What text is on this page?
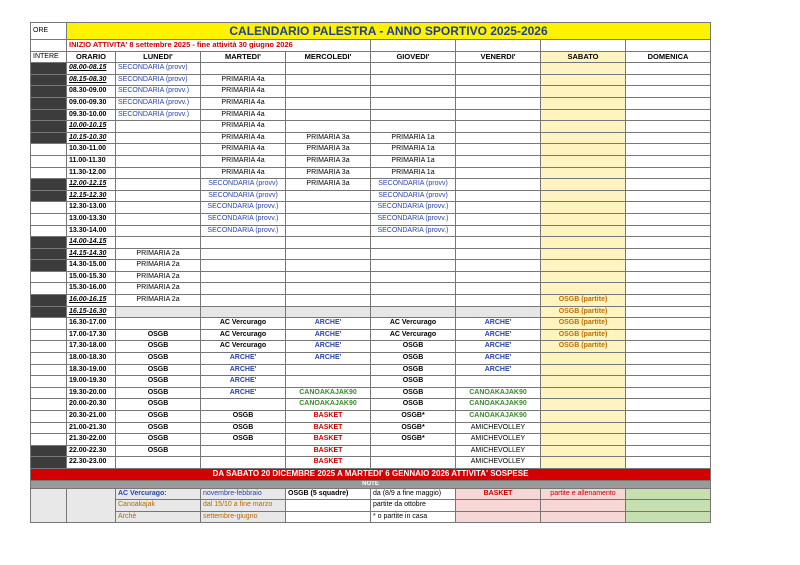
ORE	CALENDARIO PALESTRA - ANNO SPORTIVO 2025-2026							
	INIZIO ATTIVITA' 8 settembre 2025 - fine attività 30 giugno 2026							
INTERE	ORARIO	LUNEDI'	MARTEDI'	MERCOLEDI'	GIOVEDI'	VENERDI'	SABATO	DOMENICA
	08.00-08.15	SECONDARIA (provv)						
	08.15-08.30	SECONDARIA (provv)	PRIMARIA 4a					
	08.30-09.00	SECONDARIA (provv.)	PRIMARIA 4a					
	09.00-09.30	SECONDARIA (provv.)	PRIMARIA 4a					
	09.30-10.00	SECONDARIA (provv.)	PRIMARIA 4a					
	10.00-10.15		PRIMARIA 4a					
	10.15-10.30		PRIMARIA 4a	PRIMARIA 3a	PRIMARIA 1a			
	10.30-11.00		PRIMARIA 4a	PRIMARIA 3a	PRIMARIA 1a			
	11.00-11.30		PRIMARIA 4a	PRIMARIA 3a	PRIMARIA 1a			
	11.30-12.00		PRIMARIA 4a	PRIMARIA 3a	PRIMARIA 1a			
	12.00-12.15		SECONDARIA (provv)	PRIMARIA 3a	SECONDARIA (provv)			
	12.15-12.30		SECONDARIA (provv)		SECONDARIA (provv)			
	12.30-13.00		SECONDARIA (provv.)		SECONDARIA (provv.)			
	13.00-13.30		SECONDARIA (provv.)		SECONDARIA (provv.)			
	13.30-14.00		SECONDARIA (provv.)		SECONDARIA (provv.)			
	14.00-14.15							
	14.15-14.30	PRIMARIA 2a						
	14.30-15.00	PRIMARIA 2a						
	15.00-15.30	PRIMARIA 2a						
	15.30-16.00	PRIMARIA 2a						
	16.00-16.15	PRIMARIA 2a					OSGB (partite)	
	16.15-16.30						OSGB (partite)	
	16.30-17.00		AC Vercurago	ARCHE'	AC Vercurago	ARCHE'	OSGB (partite)	
	17.00-17.30	OSGB	AC Vercurago	ARCHE'	AC Vercurago	ARCHE'	OSGB (partite)	
	17.30-18.00	OSGB	AC Vercurago	ARCHE'	OSGB	ARCHE'	OSGB (partite)	
	18.00-18.30	OSGB	ARCHE'	ARCHE'	OSGB	ARCHE'		
	18.30-19.00	OSGB	ARCHE'		OSGB	ARCHE'		
	19.00-19.30	OSGB	ARCHE'		OSGB			
	19.30-20.00	OSGB	ARCHE'	CANOAKAJAK90	OSGB	CANOAKAJAK90		
	20.00-20.30	OSGB		CANOAKAJAK90	OSGB	CANOAKAJAK90		
	20.30-21.00	OSGB	OSGB	BASKET	OSGB*	CANOAKAJAK90		
	21.00-21.30	OSGB	OSGB	BASKET	OSGB*	AMICHEVOLLEY		
	21.30-22.00	OSGB	OSGB	BASKET	OSGB*	AMICHEVOLLEY		
	22.00-22.30	OSGB		BASKET		AMICHEVOLLEY		
	22.30-23.00			BASKET		AMICHEVOLLEY		
DA SABATO 20 DICEMBRE 2025 A MARTEDI' 6 GENNAIO 2026 ATTIVITA' SOSPESE								
NOTE								
		AC Vercurago:	novembre-febbraio	OSGB (5 squadre)	da (8/9 a fine maggio)	BASKET	partite e allenamento	
		Canoakajak	dal 15/10 a fine marzo		partite da ottobre			
		Archè	settembre-giugno		* o partite in casa			
